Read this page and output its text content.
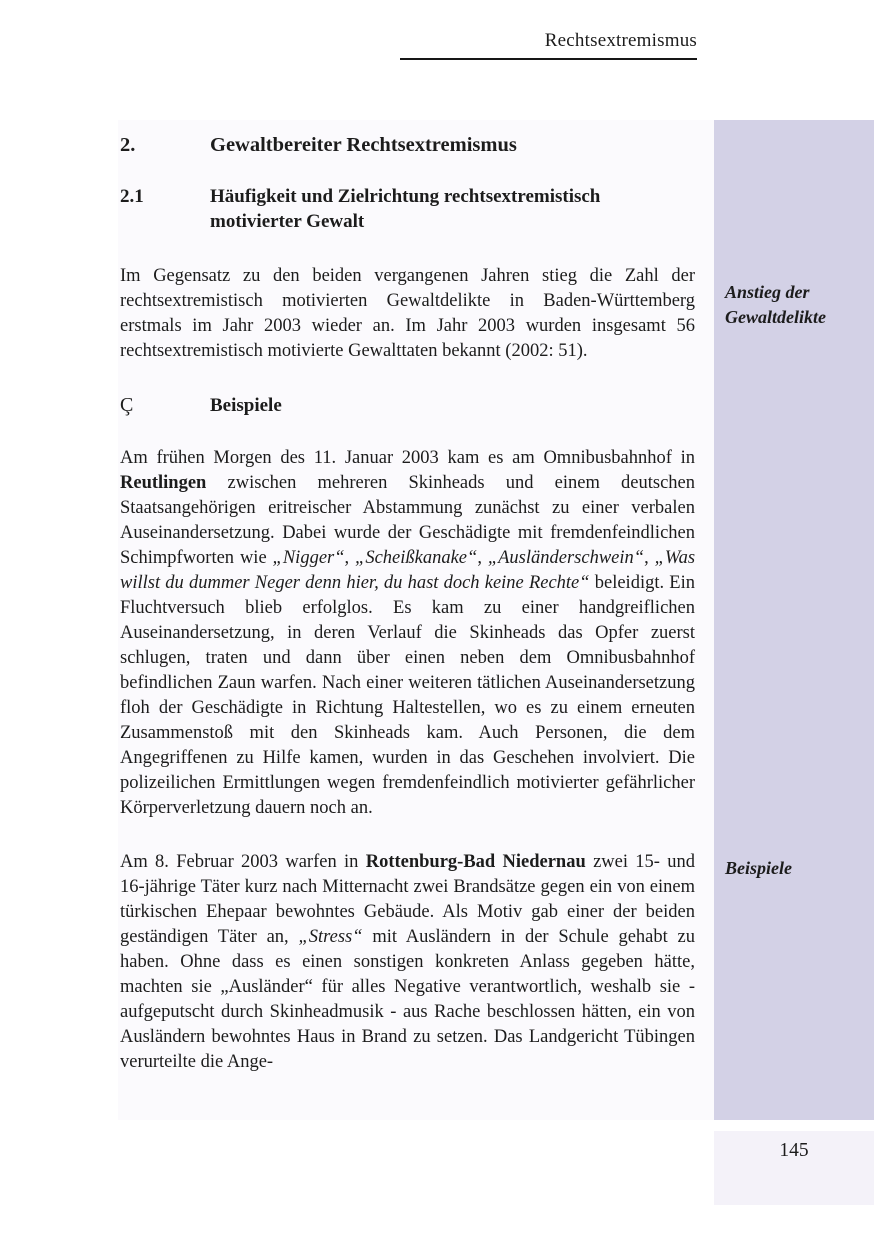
Rechtsextremismus
2.	Gewaltbereiter Rechtsextremismus
2.1	Häufigkeit und Zielrichtung rechtsextremistisch motivierter Gewalt

Im Gegensatz zu den beiden vergangenen Jahren stieg die Zahl der rechtsextremistisch motivierten Gewaltdelikte in Baden-Württemberg erstmals im Jahr 2003 wieder an. Im Jahr 2003 wurden insgesamt 56 rechtsextremistisch motivierte Gewalttaten bekannt (2002: 51).

Ç	Beispiele

Am frühen Morgen des 11. Januar 2003 kam es am Omnibusbahnhof in Reutlingen zwischen mehreren Skinheads und einem deutschen Staatsangehörigen eritreischer Abstammung zunächst zu einer verbalen Auseinandersetzung. Dabei wurde der Geschädigte mit fremdenfeindlichen Schimpfworten wie „Nigger“, „Scheißkanake“, „Ausländerschwein“, „Was willst du dummer Neger denn hier, du hast doch keine Rechte“ beleidigt. Ein Fluchtversuch blieb erfolglos. Es kam zu einer handgreiflichen Auseinandersetzung, in deren Verlauf die Skinheads das Opfer zuerst schlugen, traten und dann über einen neben dem Omnibusbahnhof befindlichen Zaun warfen. Nach einer weiteren tätlichen Auseinandersetzung floh der Geschädigte in Richtung Haltestellen, wo es zu einem erneuten Zusammenstoß mit den Skinheads kam. Auch Personen, die dem Angegriffenen zu Hilfe kamen, wurden in das Geschehen involviert. Die polizeilichen Ermittlungen wegen fremdenfeindlich motivierter gefährlicher Körperverletzung dauern noch an.

Am 8. Februar 2003 warfen in Rottenburg-Bad Niedernau zwei 15- und 16-jährige Täter kurz nach Mitternacht zwei Brandsätze gegen ein von einem türkischen Ehepaar bewohntes Gebäude. Als Motiv gab einer der beiden geständigen Täter an, „Stress“ mit Ausländern in der Schule gehabt zu haben. Ohne dass es einen sonstigen konkreten Anlass gegeben hätte, machten sie „Ausländer“ für alles Negative verantwortlich, weshalb sie - aufgeputscht durch Skinheadmusik - aus Rache beschlossen hätten, ein von Ausländern bewohntes Haus in Brand zu setzen. Das Landgericht Tübingen verurteilte die Ange-

Anstieg der Gewaltdelikte
Beispiele
145
